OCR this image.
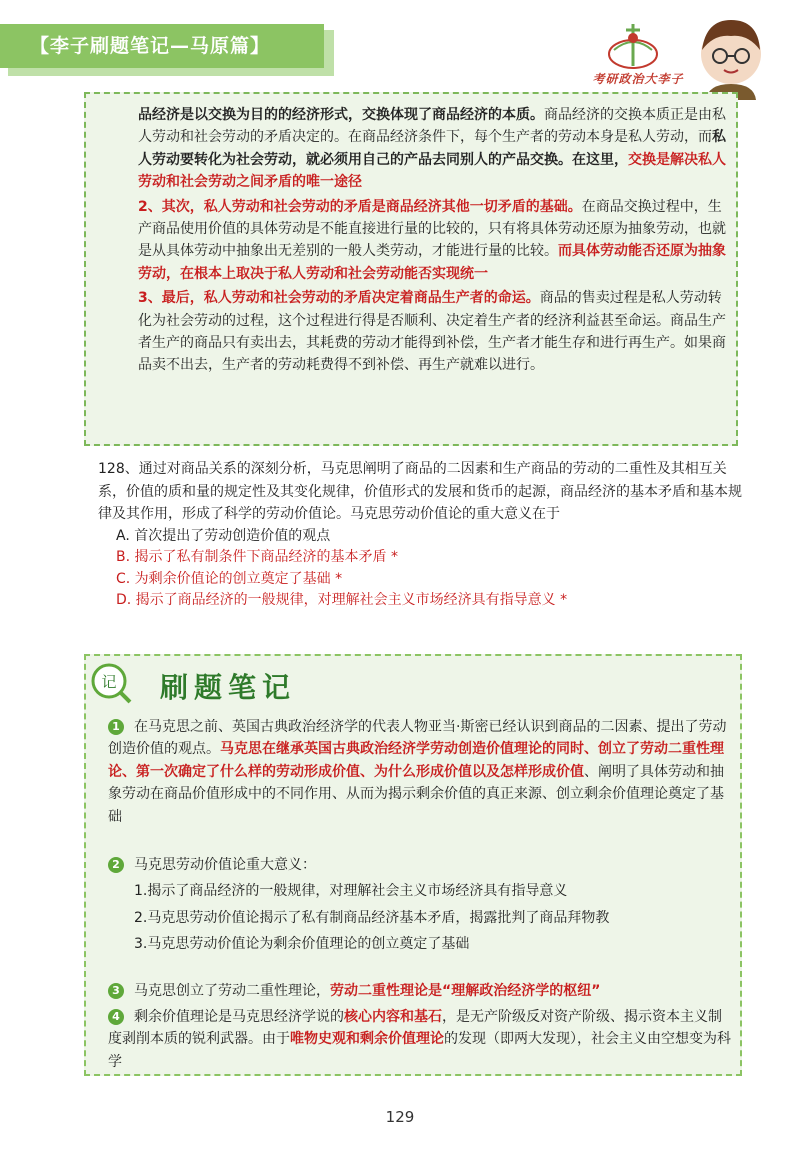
【李子刷题笔记—马原篇】
考研政治大李子

品经济是以交换为目的的经济形式，交换体现了商品经济的本质。商品经济的交换本质正是由私人劳动和社会劳动的矛盾决定的。在商品经济条件下，每个生产者的劳动本身是私人劳动，而私人劳动要转化为社会劳动，就必须用自己的产品去同别人的产品交换。在这里，交换是解决私人劳动和社会劳动之间矛盾的唯一途径

2、其次，私人劳动和社会劳动的矛盾是商品经济其他一切矛盾的基础。在商品交换过程中，生产商品使用价值的具体劳动是不能直接进行量的比较的，只有将具体劳动还原为抽象劳动，也就是从具体劳动中抽象出无差别的一般人类劳动，才能进行量的比较。而具体劳动能否还原为抽象劳动，在根本上取决于私人劳动和社会劳动能否实现统一

3、最后，私人劳动和社会劳动的矛盾决定着商品生产者的命运。商品的售卖过程是私人劳动转化为社会劳动的过程，这个过程进行得是否顺利、决定着生产者的经济利益甚至命运。商品生产者生产的商品只有卖出去，其耗费的劳动才能得到补偿，生产者才能生存和进行再生产。如果商品卖不出去，生产者的劳动耗费得不到补偿、再生产就难以进行。

128、通过对商品关系的深刻分析，马克思阐明了商品的二因素和生产商品的劳动的二重性及其相互关系，价值的质和量的规定性及其变化规律，价值形式的发展和货币的起源，商品经济的基本矛盾和基本规律及其作用，形成了科学的劳动价值论。马克思劳动价值论的重大意义在于
A. 首次提出了劳动创造价值的观点
B. 揭示了私有制条件下商品经济的基本矛盾 *
C. 为剩余价值论的创立奠定了基础 *
D. 揭示了商品经济的一般规律，对理解社会主义市场经济具有指导意义 *
记 刷题笔记
1 在马克思之前、英国古典政治经济学的代表人物亚当·斯密已经认识到商品的二因素、提出了劳动创造价值的观点。马克思在继承英国古典政治经济学劳动创造价值理论的同时、创立了劳动二重性理论、第一次确定了什么样的劳动形成价值、为什么形成价值以及怎样形成价值、阐明了具体劳动和抽象劳动在商品价值形成中的不同作用、从而为揭示剩余价值的真正来源、创立剩余价值理论奠定了基础
2 马克思劳动价值论重大意义：
1.揭示了商品经济的一般规律，对理解社会主义市场经济具有指导意义
2.马克思劳动价值论揭示了私有制商品经济基本矛盾，揭露批判了商品拜物教
3.马克思劳动价值论为剩余价值理论的创立奠定了基础
3 马克思创立了劳动二重性理论，劳动二重性理论是“理解政治经济学的枢纽”
4 剩余价值理论是马克思经济学说的核心内容和基石，是无产阶级反对资产阶级、揭示资本主义制度剥削本质的锐利武器。由于唯物史观和剩余价值理论的发现（即两大发现），社会主义由空想变为科学
129
